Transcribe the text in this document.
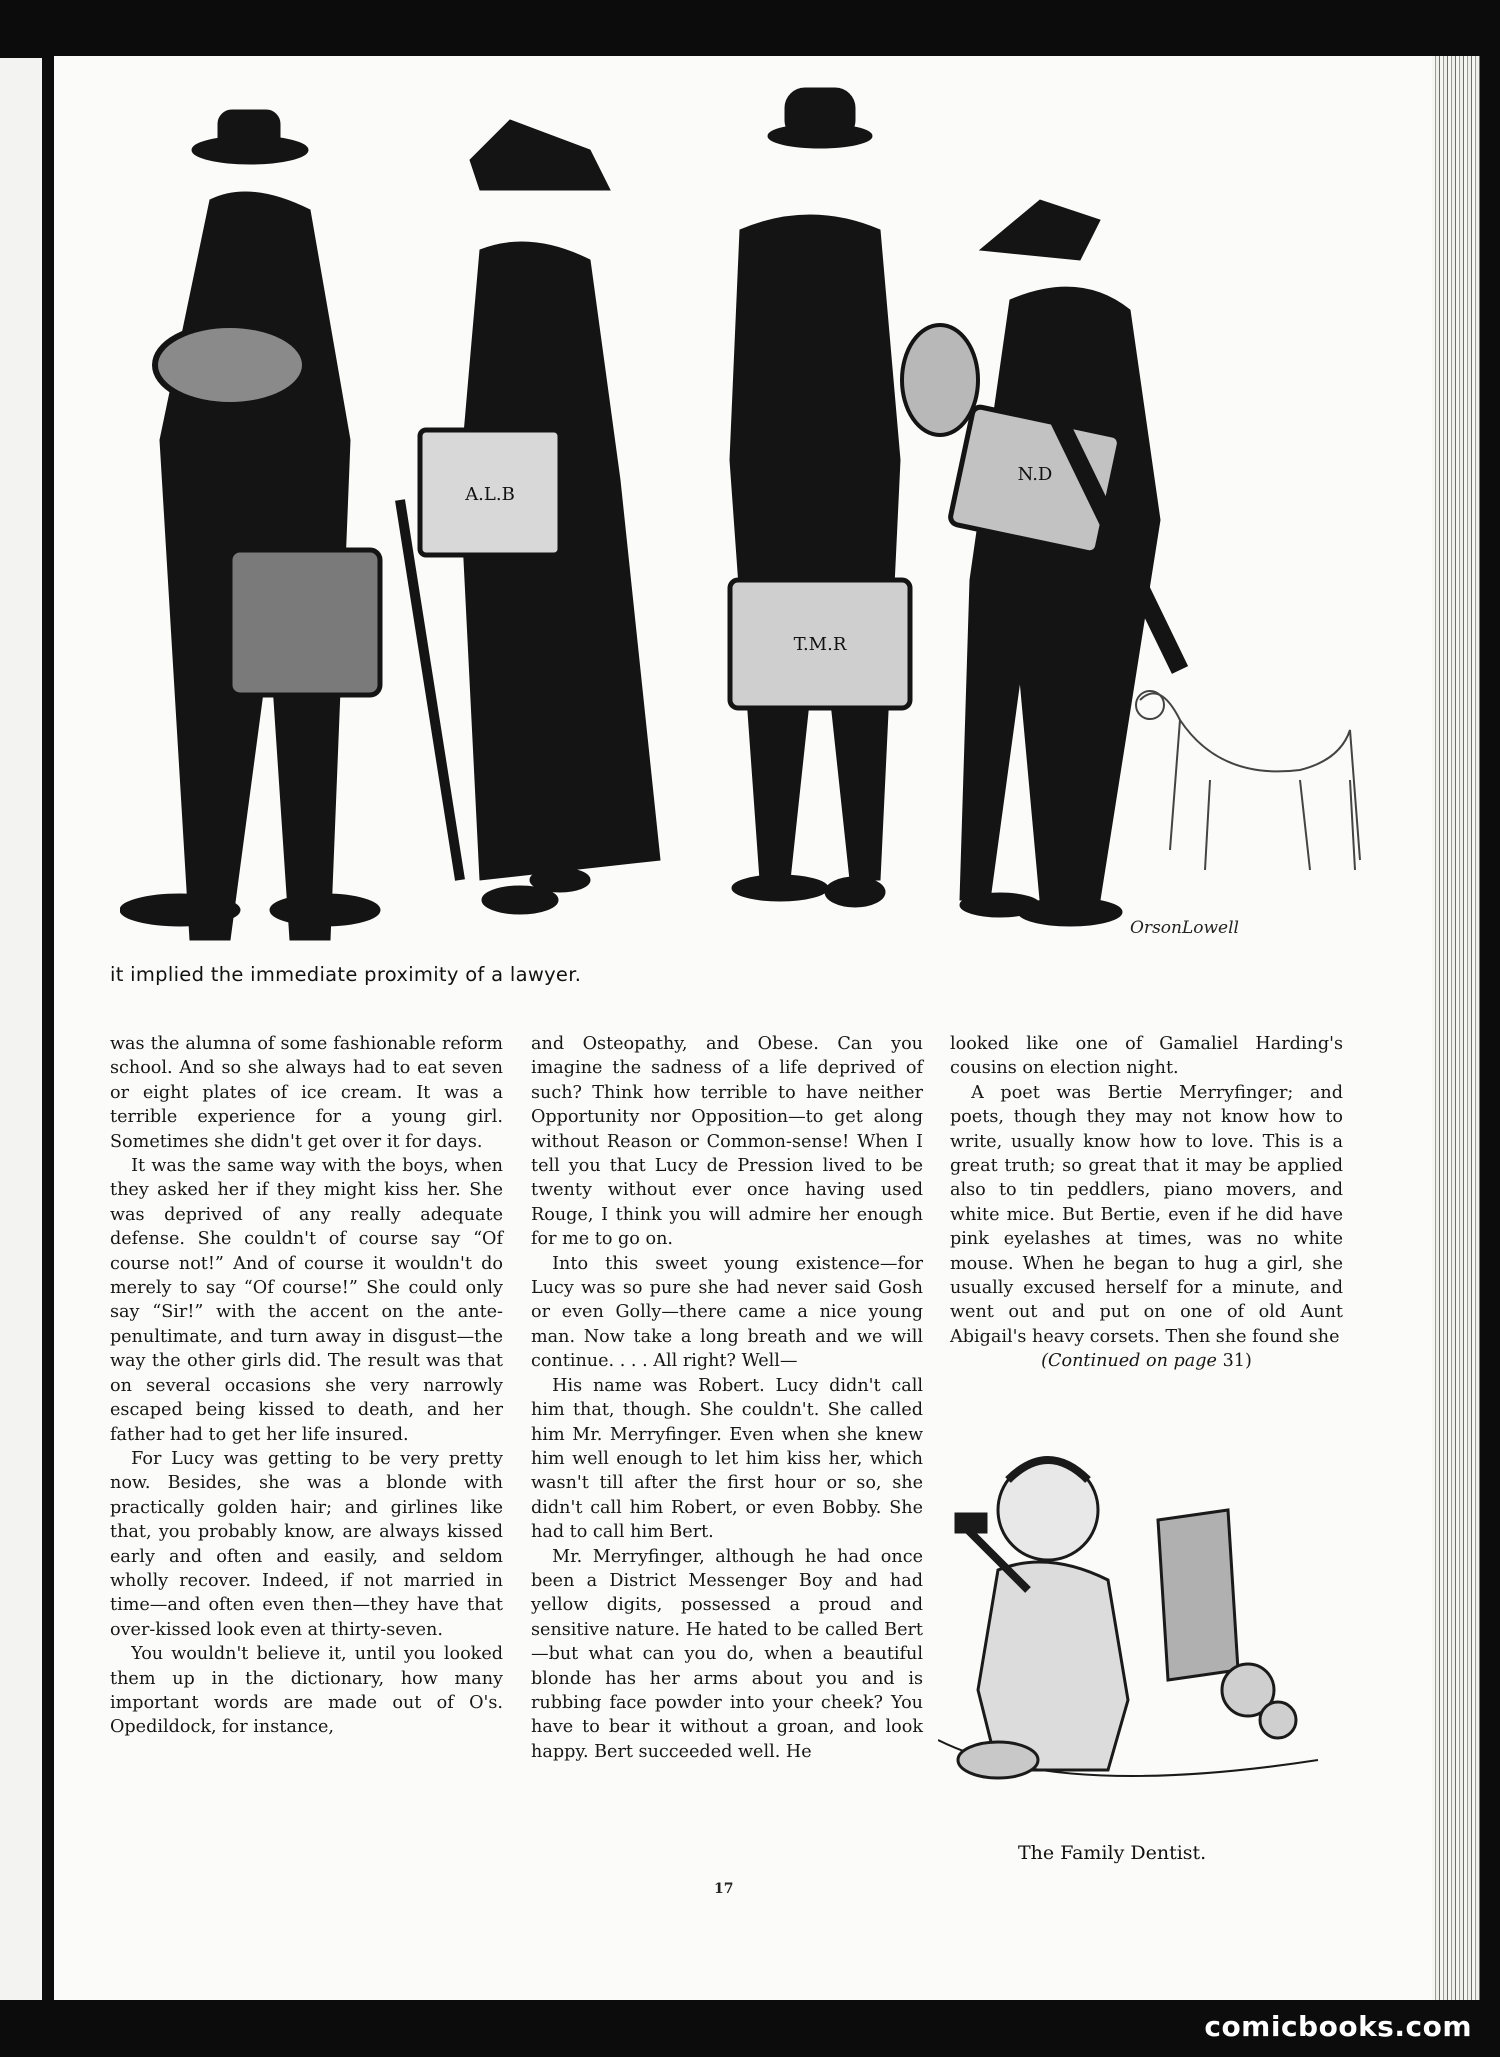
A.L.B
T.M.R
N.D
OrsonLowell
it implied the immediate proximity of a lawyer.

was the alumna of some fashionable reform school. And so she always had to eat seven or eight plates of ice cream. It was a terrible experience for a young girl. Sometimes she didn't get over it for days.

It was the same way with the boys, when they asked her if they might kiss her. She was deprived of any really adequate defense. She couldn't of course say “Of course not!” And of course it wouldn't do merely to say “Of course!” She could only say “Sir!” with the accent on the ante-penultimate, and turn away in disgust—the way the other girls did. The result was that on several occasions she very narrowly escaped being kissed to death, and her father had to get her life insured.

For Lucy was getting to be very pretty now. Besides, she was a blonde with practically golden hair; and girlines like that, you probably know, are always kissed early and often and easily, and seldom wholly recover. Indeed, if not married in time—and often even then—they have that over-kissed look even at thirty-seven.

You wouldn't believe it, until you looked them up in the dictionary, how many important words are made out of O's. Opedildock, for instance,

and Osteopathy, and Obese. Can you imagine the sadness of a life deprived of such? Think how terrible to have neither Opportunity nor Opposition—to get along without Reason or Common-sense! When I tell you that Lucy de Pression lived to be twenty without ever once having used Rouge, I think you will admire her enough for me to go on.

Into this sweet young existence—for Lucy was so pure she had never said Gosh or even Golly—there came a nice young man. Now take a long breath and we will continue. . . . All right? Well—

His name was Robert. Lucy didn't call him that, though. She couldn't. She called him Mr. Merryfinger. Even when she knew him well enough to let him kiss her, which wasn't till after the first hour or so, she didn't call him Robert, or even Bobby. She had to call him Bert.

Mr. Merryfinger, although he had once been a District Messenger Boy and had yellow digits, possessed a proud and sensitive nature. He hated to be called Bert—but what can you do, when a beautiful blonde has her arms about you and is rubbing face powder into your cheek? You have to bear it without a groan, and look happy. Bert succeeded well. He

looked like one of Gamaliel Harding's cousins on election night.

A poet was Bertie Merryfinger; and poets, though they may not know how to write, usually know how to love. This is a great truth; so great that it may be applied also to tin peddlers, piano movers, and white mice. But Bertie, even if he did have pink eyelashes at times, was no white mouse. When he began to hug a girl, she usually excused herself for a minute, and went out and put on one of old Aunt Abigail's heavy corsets. Then she found she

(Continued on page 31)

The Family Dentist.
17
comicbooks.com
